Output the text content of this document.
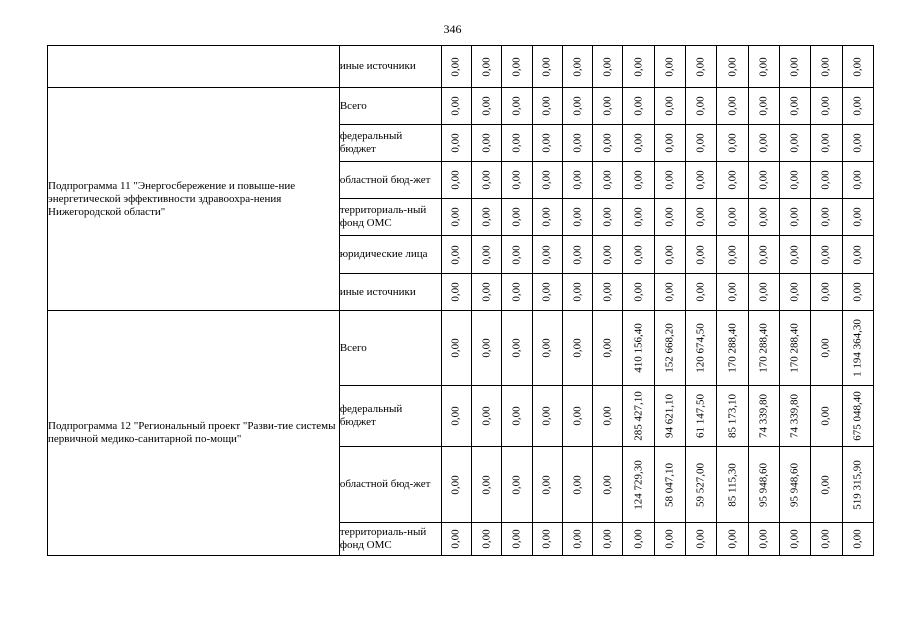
346
	иные источники	0,00	0,00	0,00	0,00	0,00	0,00	0,00	0,00	0,00	0,00	0,00	0,00	0,00	0,00

Подпрограмма 11 "Энергосбережение и повыше-ние энергетической эффективности здравоохра-нения Нижегородской области"	Всего	0,00	0,00	0,00	0,00	0,00	0,00	0,00	0,00	0,00	0,00	0,00	0,00	0,00	0,00

	федеральный бюджет	0,00	0,00	0,00	0,00	0,00	0,00	0,00	0,00	0,00	0,00	0,00	0,00	0,00	0,00

	областной бюд-жет	0,00	0,00	0,00	0,00	0,00	0,00	0,00	0,00	0,00	0,00	0,00	0,00	0,00	0,00

	территориаль-ный фонд ОМС	0,00	0,00	0,00	0,00	0,00	0,00	0,00	0,00	0,00	0,00	0,00	0,00	0,00	0,00

	юридические лица	0,00	0,00	0,00	0,00	0,00	0,00	0,00	0,00	0,00	0,00	0,00	0,00	0,00	0,00

	иные источники	0,00	0,00	0,00	0,00	0,00	0,00	0,00	0,00	0,00	0,00	0,00	0,00	0,00	0,00

Подпрограмма 12 "Региональный проект "Разви-тие системы первичной медико-санитарной по-мощи"	Всего	0,00	0,00	0,00	0,00	0,00	0,00	410 156,40	152 668,20	120 674,50	170 288,40	170 288,40	170 288,40	0,00	1 194 364,30

	федеральный бюджет	0,00	0,00	0,00	0,00	0,00	0,00	285 427,10	94 621,10	61 147,50	85 173,10	74 339,80	74 339,80	0,00	675 048,40

	областной бюд-жет	0,00	0,00	0,00	0,00	0,00	0,00	124 729,30	58 047,10	59 527,00	85 115,30	95 948,60	95 948,60	0,00	519 315,90

	территориаль-ный фонд ОМС	0,00	0,00	0,00	0,00	0,00	0,00	0,00	0,00	0,00	0,00	0,00	0,00	0,00	0,00
